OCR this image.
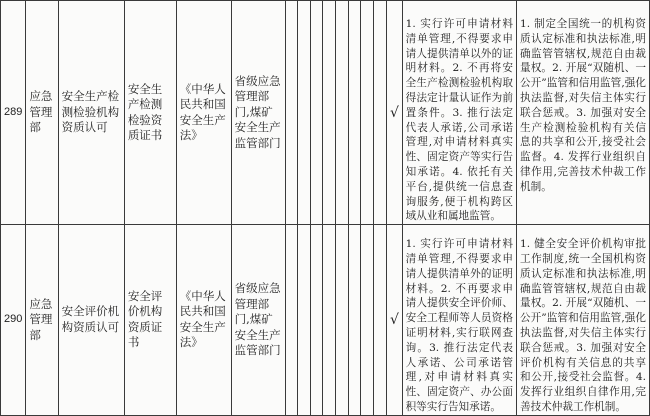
289	应急管理部	安全生产检测检验机构资质认可	安全生产检测检验资质证书	《中华人民共和国安全生产法》	省级应急管理部门,煤矿安全生产监管部门									√	1. 实行许可申请材料清单管理,不得要求申请人提供清单以外的证明材料。2. 不再将安全生产检测检验机构取得法定计量认证作为前置条件。3. 推行法定代表人承诺,公司承诺管理,对申请材料真实性、固定资产等实行告知承诺。4. 依托有关平台,提供统一信息查询服务,便于机构跨区域从业和属地监管。	1. 制定全国统一的机构资质认定标准和执法标准,明确监管管辖权,规范自由裁量权。2. 开展“双随机、一公开”监管和信用监管,强化执法监督,对失信主体实行联合惩戒。3. 加强对安全生产检测检验机构有关信息的共享和公开,接受社会监督。4. 发挥行业组织自律作用,完善技术仲裁工作机制。
290	应急管理部	安全评价机构资质认可	安全评价机构资质证书	《中华人民共和国安全生产法》	省级应急管理部门,煤矿安全生产监管部门									√	1. 实行许可申请材料清单管理,不得要求申请人提供清单外的证明材料。2. 不再要求申请人提供安全评价师、安全工程师等人员资格证明材料,实行联网查询。3. 推行法定代表人承诺、公司承诺管理,对申请材料真实性、固定资产、办公面积等实行告知承诺。	1. 健全安全评价机构审批工作制度,统一全国机构资质认定标准和执法标准,明确监管管辖权,规范自由裁量权。2. 开展“双随机、一公开”监管和信用监管,强化执法监督,对失信主体实行联合惩戒。3. 加强对安全评价机构有关信息的共享和公开,接受社会监督。4. 发挥行业组织自律作用,完善技术仲裁工作机制。
